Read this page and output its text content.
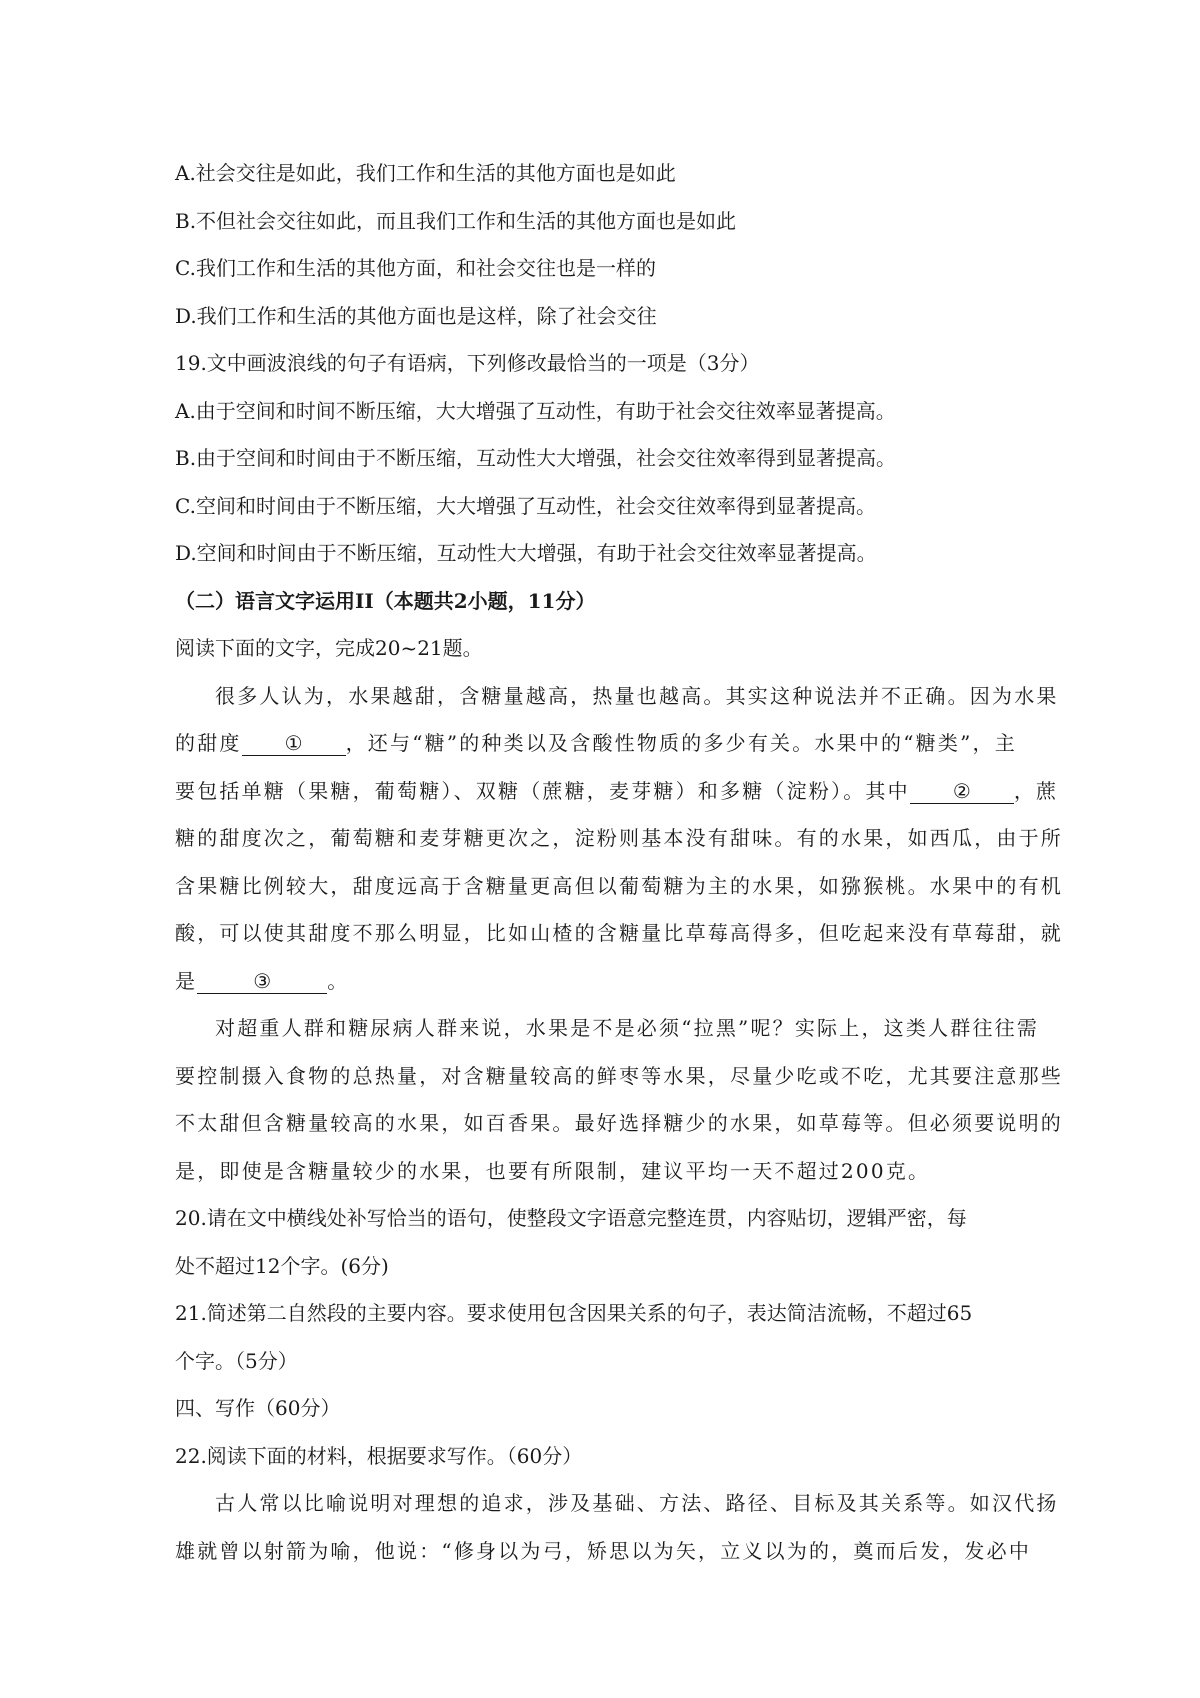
A.社会交往是如此，我们工作和生活的其他方面也是如此
B.不但社会交往如此，而且我们工作和生活的其他方面也是如此
C.我们工作和生活的其他方面，和社会交往也是一样的
D.我们工作和生活的其他方面也是这样，除了社会交往
19.文中画波浪线的句子有语病，下列修改最恰当的一项是（3分）
A.由于空间和时间不断压缩，大大增强了互动性，有助于社会交往效率显著提高。
B.由于空间和时间由于不断压缩，互动性大大增强，社会交往效率得到显著提高。
C.空间和时间由于不断压缩，大大增强了互动性，社会交往效率得到显著提高。
D.空间和时间由于不断压缩，互动性大大增强，有助于社会交往效率显著提高。
（二）语言文字运用II（本题共2小题，11分）
阅读下面的文字，完成20~21题。
很多人认为，水果越甜，含糖量越高，热量也越高。其实这种说法并不正确。因为水果
的甜度 ① ，还与“糖”的种类以及含酸性物质的多少有关。水果中的“糖类”，主
要包括单糖（果糖，葡萄糖）、双糖（蔗糖，麦芽糖）和多糖（淀粉）。其中 ② ，蔗
糖的甜度次之，葡萄糖和麦芽糖更次之，淀粉则基本没有甜味。有的水果，如西瓜，由于所
含果糖比例较大，甜度远高于含糖量更高但以葡萄糖为主的水果，如猕猴桃。水果中的有机
酸，可以使其甜度不那么明显，比如山楂的含糖量比草莓高得多，但吃起来没有草莓甜，就
是	③	。
对超重人群和糖尿病人群来说，水果是不是必须“拉黑”呢？实际上，这类人群往往需
要控制摄入食物的总热量，对含糖量较高的鲜枣等水果，尽量少吃或不吃，尤其要注意那些
不太甜但含糖量较高的水果，如百香果。最好选择糖少的水果，如草莓等。但必须要说明的
是，即使是含糖量较少的水果，也要有所限制，建议平均一天不超过200克。
20.请在文中横线处补写恰当的语句，使整段文字语意完整连贯，内容贴切，逻辑严密，每
处不超过12个字。(6分)
21.简述第二自然段的主要内容。要求使用包含因果关系的句子，表达简洁流畅，不超过65
个字。（5分）
四、写作（60分）
22.阅读下面的材料，根据要求写作。（60分）
古人常以比喻说明对理想的追求，涉及基础、方法、路径、目标及其关系等。如汉代扬
雄就曾以射箭为喻，他说：“修身以为弓，矫思以为矢，立义以为的，奠而后发，发必中
